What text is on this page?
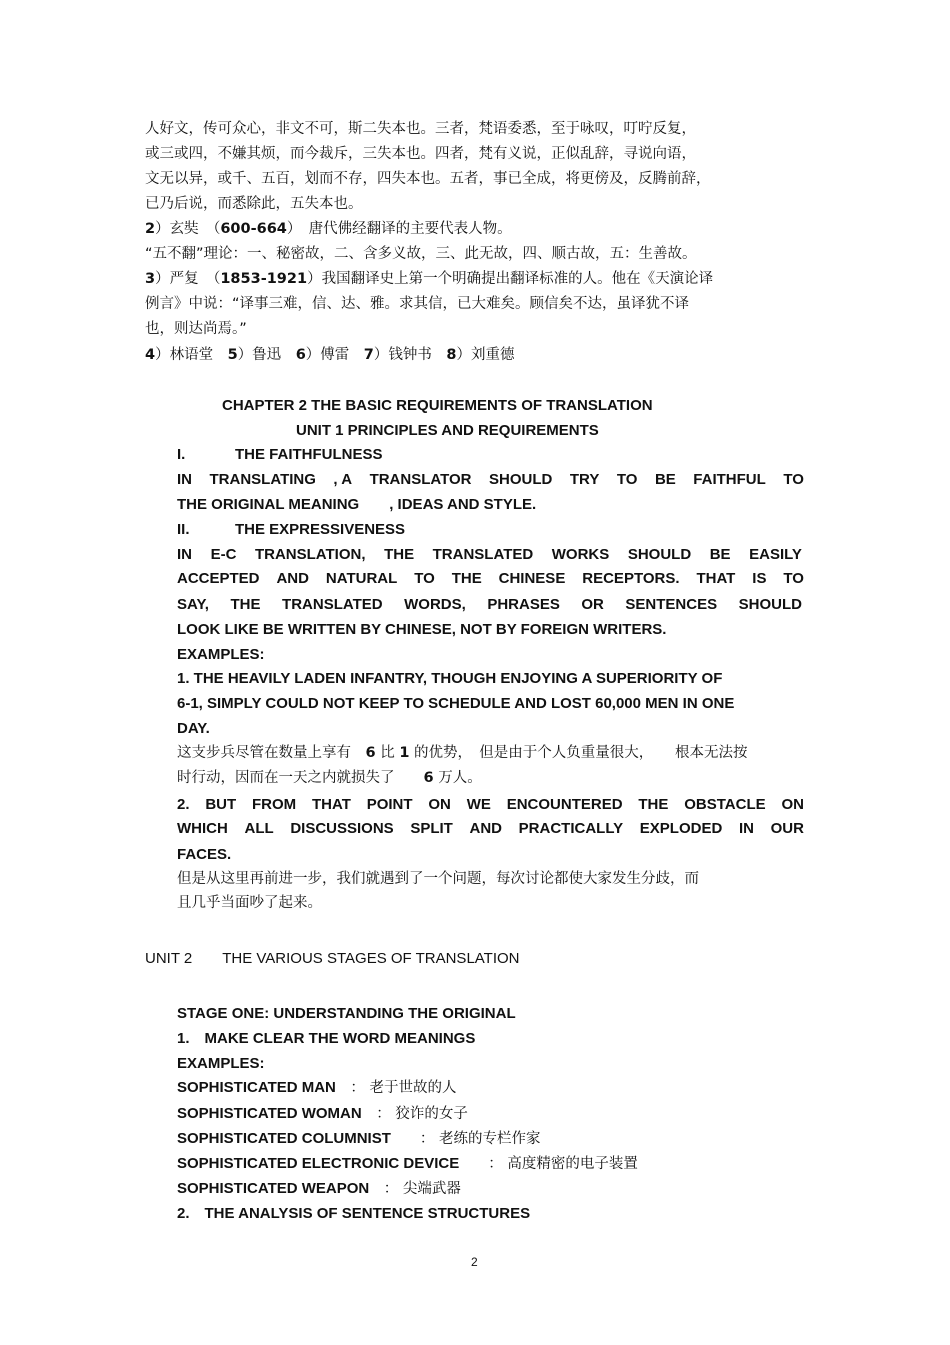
人好文，传可众心，非文不可，斯二失本也。三者，梵语委悉，至于咏叹，叮咛反复，
或三或四，不嫌其烦，而今裁斥，三失本也。四者，梵有义说，正似乱辞，寻说向语，
文无以异，或千、五百，划而不存，四失本也。五者，事已全成，将更傍及，反腾前辞，
已乃后说，而悉除此，五失本也。
2）玄奘　（600-664）　唐代佛经翻译的主要代表人物。
“五不翻”理论：一、秘密故，二、含多义故，三、此无故，四、顺古故，五：生善故。
3）严复　（1853-1921）我国翻译史上第一个明确提出翻译标准的人。他在《天演论译
例言》中说：“译事三难，信、达、雅。求其信，已大难矣。顾信矣不达，虽译犹不译
也，则达尚焉。”
4）林语堂　5）鲁迅　6）傅雷　7）钱钟书　8）刘重德
CHAPTER 2 THE BASIC REQUIREMENTS OF TRANSLATION
UNIT 1 PRINCIPLES AND REQUIREMENTS
I.	THE FAITHFULNESS
IN TRANSLATING , A TRANSLATOR SHOULD TRY TO BE FAITHFUL TO
THE ORIGINAL MEANING　　, IDEAS AND STYLE.
II.	THE EXPRESSIVENESS
IN E-C TRANSLATION, THE TRANSLATED WORKS SHOULD BE EASILY
ACCEPTED AND NATURAL TO THE CHINESE RECEPTORS. THAT IS TO
SAY, THE TRANSLATED WORDS, PHRASES OR SENTENCES SHOULD
LOOK LIKE BE WRITTEN BY CHINESE, NOT BY FOREIGN WRITERS.
EXAMPLES:
1. THE HEAVILY LADEN INFANTRY, THOUGH ENJOYING A SUPERIORITY OF
6-1, SIMPLY COULD NOT KEEP TO SCHEDULE AND LOST 60,000 MEN IN ONE
DAY.
这支步兵尽管在数量上享有　6 比 1 的优势，　但是由于个人负重量很大，　　根本无法按
时行动，因而在一天之内就损失了　　6 万人。
2. BUT FROM THAT POINT ON WE ENCOUNTERED THE OBSTACLE ON
WHICH ALL DISCUSSIONS SPLIT AND PRACTICALLY EXPLODED IN OUR
FACES.
但是从这里再前进一步，我们就遇到了一个问题，每次讨论都使大家发生分歧，而
且几乎当面吵了起来。
UNIT 2　　THE VARIOUS STAGES OF TRANSLATION
STAGE ONE: UNDERSTANDING THE ORIGINAL
1.　MAKE CLEAR THE WORD MEANINGS
EXAMPLES:
SOPHISTICATED MAN　： 老于世故的人
SOPHISTICATED WOMAN　： 狡诈的女子
SOPHISTICATED COLUMNIST　　： 老练的专栏作家
SOPHISTICATED ELECTRONIC DEVICE　　： 高度精密的电子装置
SOPHISTICATED WEAPON　： 尖端武器
2.　THE ANALYSIS OF SENTENCE STRUCTURES
2
